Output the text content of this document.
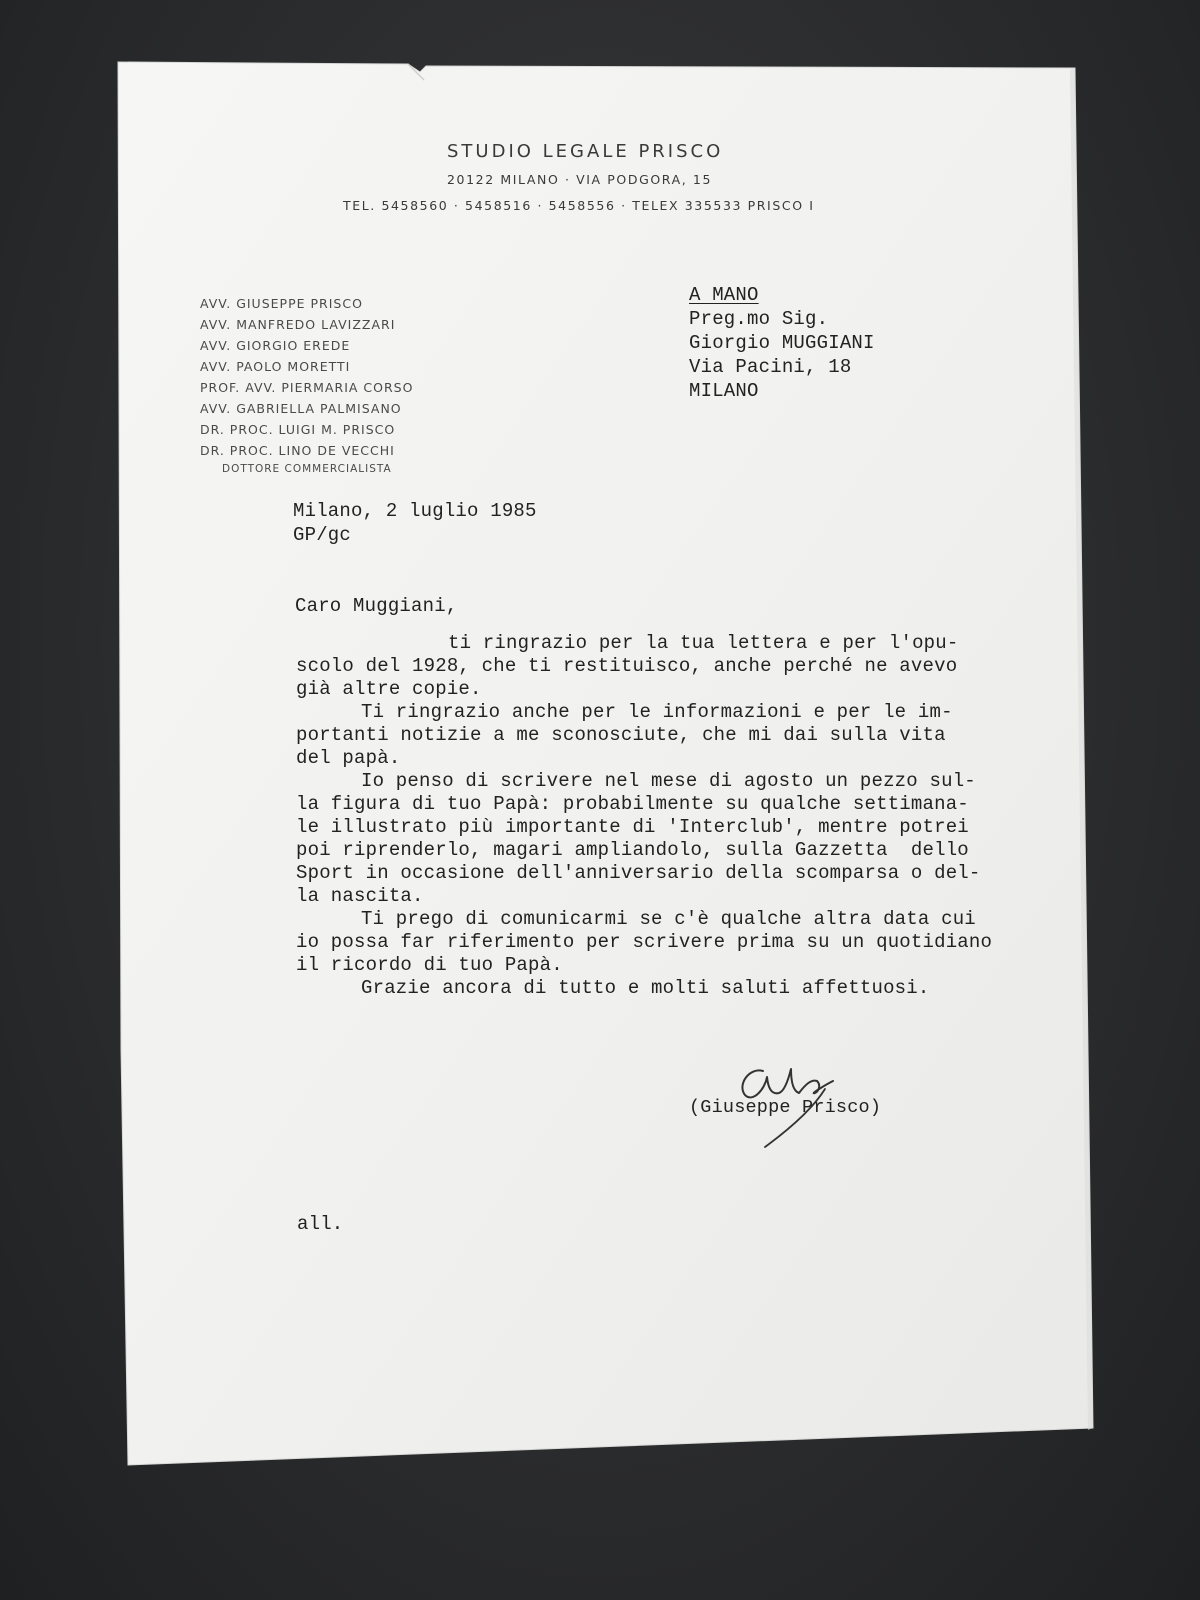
STUDIO LEGALE PRISCO
20122 MILANO · VIA PODGORA, 15
TEL. 5458560 · 5458516 · 5458556 · TELEX 335533 PRISCO I
AVV. GIUSEPPE PRISCO
AVV. MANFREDO LAVIZZARI
AVV. GIORGIO EREDE
AVV. PAOLO MORETTI
PROF. AVV. PIERMARIA CORSO
AVV. GABRIELLA PALMISANO
DR. PROC. LUIGI M. PRISCO
DR. PROC. LINO DE VECCHI
DOTTORE COMMERCIALISTA
A MANO
Preg.mo Sig.
Giorgio MUGGIANI
Via Pacini, 18
MILANO
Milano, 2 luglio 1985
GP/gc
Caro Muggiani,
ti ringrazio per la tua lettera e per l'opu-
scolo del 1928, che ti restituisco, anche perché ne avevo
già altre copie.
Ti ringrazio anche per le informazioni e per le im-
portanti notizie a me sconosciute, che mi dai sulla vita
del papà.
Io penso di scrivere nel mese di agosto un pezzo sul-
la figura di tuo Papà: probabilmente su qualche settimana-
le illustrato più importante di 'Interclub', mentre potrei
poi riprenderlo, magari ampliandolo, sulla Gazzetta  dello
Sport in occasione dell'anniversario della scomparsa o del-
la nascita.
Ti prego di comunicarmi se c'è qualche altra data cui
io possa far riferimento per scrivere prima su un quotidiano
il ricordo di tuo Papà.
Grazie ancora di tutto e molti saluti affettuosi.
(Giuseppe Prisco)
all.
